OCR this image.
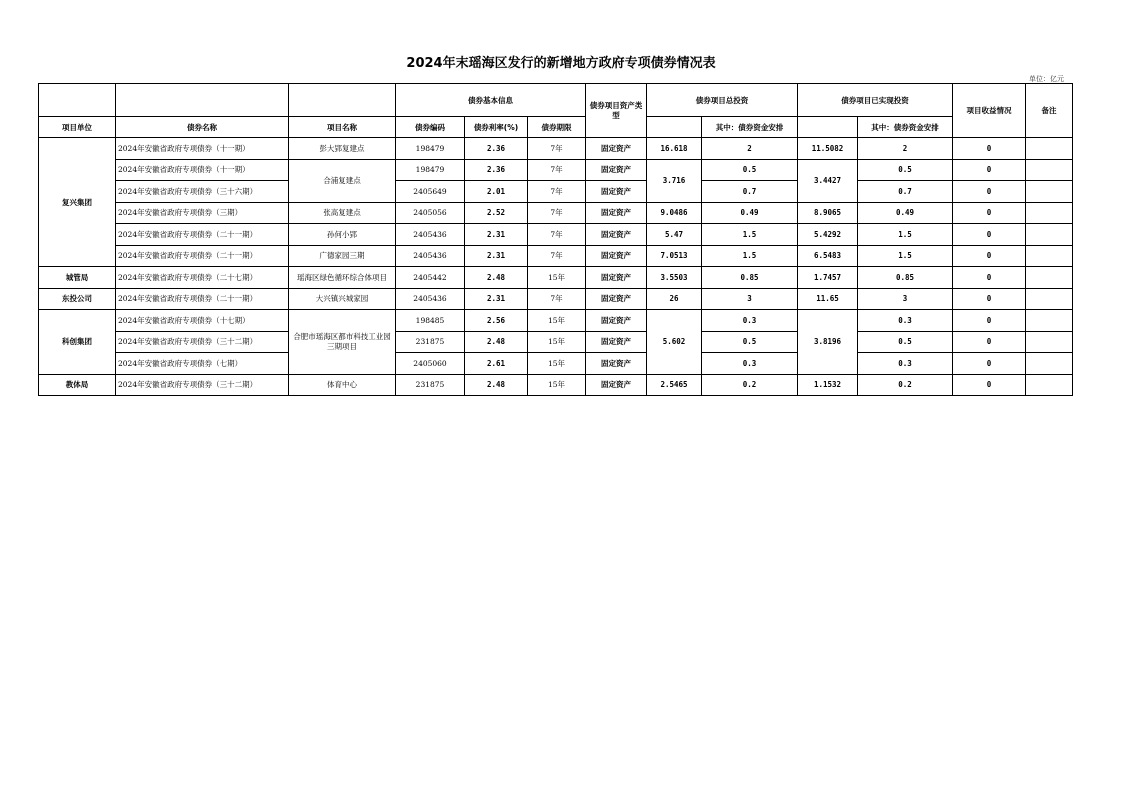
2024年末瑶海区发行的新增地方政府专项债券情况表
单位：亿元
			债券基本信息			债券项目资产类型	债券项目总投资		债券项目已实现投资		项目收益情况	备注
项目单位	债券名称	项目名称	债券编码	债券利率(%)	债券期限			其中：债券资金安排		其中：债券资金安排		
复兴集团	2024年安徽省政府专项债券（十一期）	彭大郢复建点	198479	2.36	7年	固定资产	16.618	2	11.5082	2	0	
	2024年安徽省政府专项债券（十一期）	合浦复建点	198479	2.36	7年	固定资产	3.716	0.5	3.4427	0.5	0	
	2024年安徽省政府专项债券（三十六期）		2405649	2.01	7年	固定资产		0.7		0.7	0	
	2024年安徽省政府专项债券（三期）	张高复建点	2405056	2.52	7年	固定资产	9.0486	0.49	8.9065	0.49	0	
	2024年安徽省政府专项债券（二十一期）	孙何小郢	2405436	2.31	7年	固定资产	5.47	1.5	5.4292	1.5	0	
	2024年安徽省政府专项债券（二十一期）	广德家园三期	2405436	2.31	7年	固定资产	7.0513	1.5	6.5483	1.5	0	
城管局	2024年安徽省政府专项债券（二十七期）	瑶海区绿色循环综合体项目	2405442	2.48	15年	固定资产	3.5503	0.85	1.7457	0.85	0	
东投公司	2024年安徽省政府专项债券（二十一期）	大兴镇兴城家园	2405436	2.31	7年	固定资产	26	3	11.65	3	0	
科创集团	2024年安徽省政府专项债券（十七期）	合肥市瑶海区都市科技工业园三期项目	198485	2.56	15年	固定资产	5.602	0.3	3.8196	0.3	0	
	2024年安徽省政府专项债券（三十二期）		231875	2.48	15年	固定资产		0.5		0.5	0	
	2024年安徽省政府专项债券（七期）		2405060	2.61	15年	固定资产		0.3		0.3	0	
教体局	2024年安徽省政府专项债券（三十二期）	体育中心	231875	2.48	15年	固定资产	2.5465	0.2	1.1532	0.2	0	
